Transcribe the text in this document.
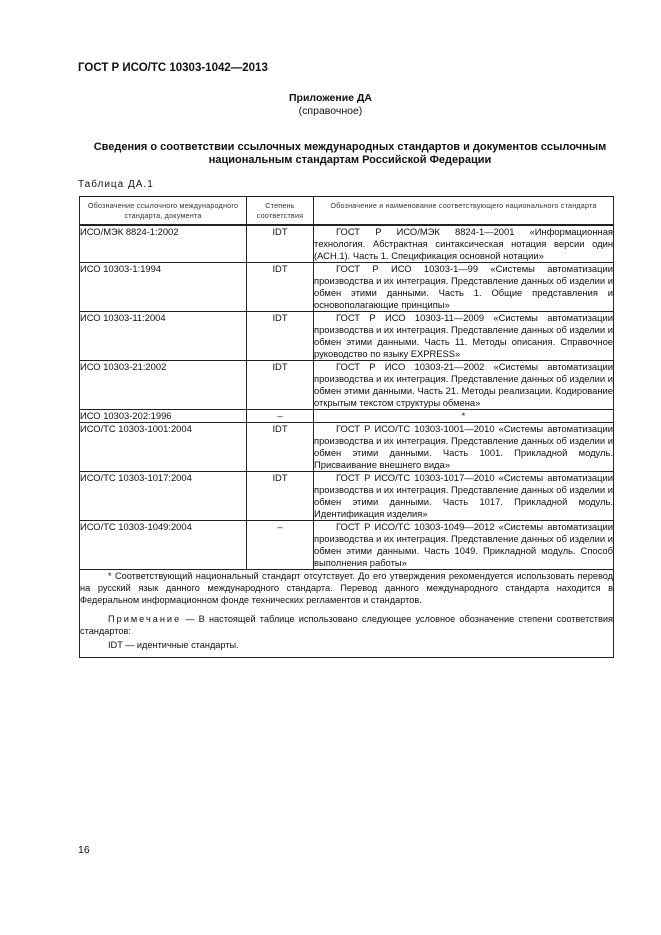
ГОСТ Р ИСО/ТС 10303-1042—2013
Приложение ДА
(справочное)
Сведения о соответствии ссылочных международных стандартов и документов ссылочным национальным стандартам Российской Федерации
Таблица ДА.1
Обозначение ссылочного международного стандарта, документа	Степень соответствия	Обозначение и наименование соответствующего национального стандарта
ИСО/МЭК 8824-1:2002	IDT	ГОСТ Р ИСО/МЭК 8824-1—2001 «Информационная технология. Абстрактная синтаксическая нотация версии один (АСН.1). Часть 1. Спецификация основной нотации»

ИСО 10303-1:1994	IDT	ГОСТ Р ИСО 10303-1—99 «Системы автоматизации производства и их интеграция. Представление данных об изделии и обмен этими данными. Часть 1. Общие представления и основополагающие принципы»

ИСО 10303-11:2004	IDT	ГОСТ Р ИСО 10303-11—2009 «Системы автоматизации производства и их интеграция. Представление данных об изделии и обмен этими данными. Часть 11. Методы описания. Справочное руководство по языку EXPRESS»

ИСО 10303-21:2002	IDT	ГОСТ Р ИСО 10303-21—2002 «Системы автоматизации производства и их интеграция. Представление данных об изделии и обмен этими данными. Часть 21. Методы реализации. Кодирование открытым текстом структуры обмена»

ИСО 10303-202:1996	–	*
ИСО/ТС 10303-1001:2004	IDT	ГОСТ Р ИСО/ТС 10303-1001—2010 «Системы автоматизации производства и их интеграция. Представление данных об изделии и обмен этими данными. Часть 1001. Прикладной модуль. Присваивание внешнего вида»

ИСО/ТС 10303-1017:2004	IDT	ГОСТ Р ИСО/ТС 10303-1017—2010 «Системы автоматизации производства и их интеграция. Представление данных об изделии и обмен этими данными. Часть 1017. Прикладной модуль. Идентификация изделия»

ИСО/ТС 10303-1049:2004	–	ГОСТ Р ИСО/ТС 10303-1049—2012 «Системы автоматизации производства и их интеграция. Представление данных об изделии и обмен этими данными. Часть 1049. Прикладной модуль. Способ выполнения работы»

* Соответствующий национальный стандарт отсутствует. До его утверждения рекомендуется использовать перевод на русский язык данного международного стандарта. Перевод данного международного стандарта находится в Федеральном информационном фонде технических регламентов и стандартов.

Примечание — В настоящей таблице использовано следующее условное обозначение степени соответствия стандартов:

IDT — идентичные стандарты.		

16
